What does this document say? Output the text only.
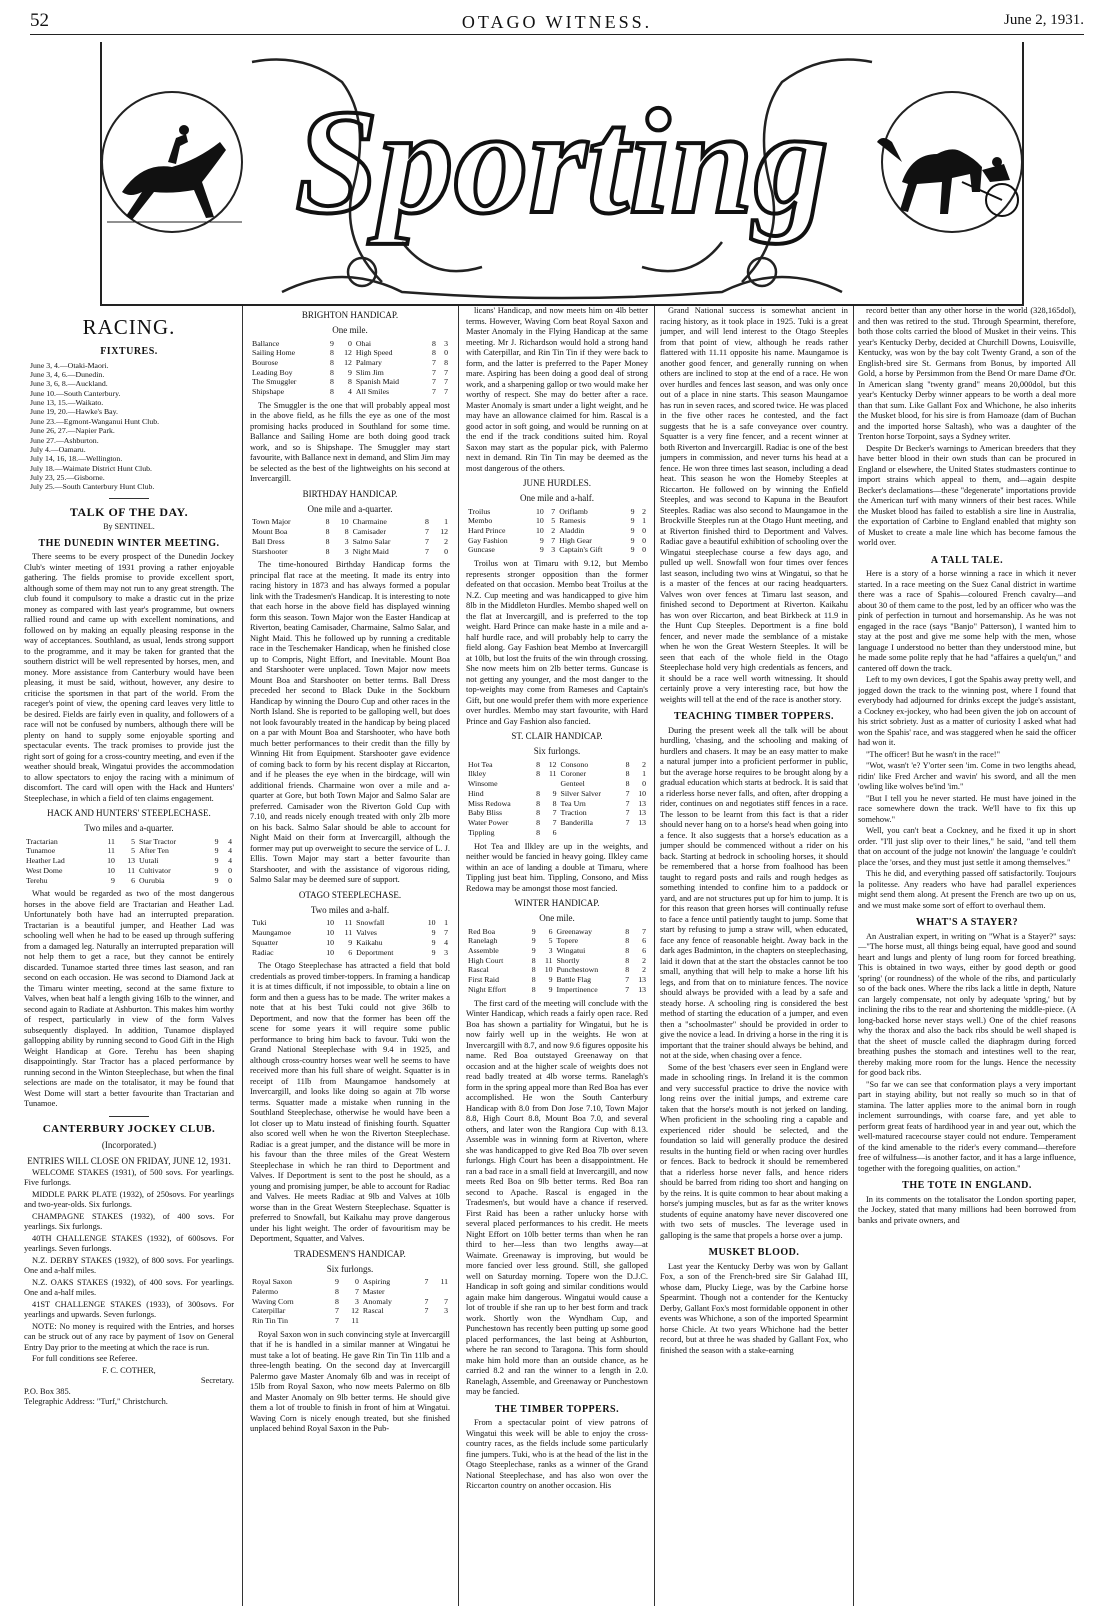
52	OTAGO WITNESS.	June 2, 1931.
Sporting
RACING.
FIXTURES.
June 3, 4.—Otaki-Maori.
June 3, 4, 6.—Dunedin.
June 3, 6, 8.—Auckland.
June 10.—South Canterbury.
June 13, 15.—Waikato.
June 19, 20.—Hawke's Bay.
June 23.—Egmont-Wanganui Hunt Club.
June 26, 27.—Napier Park.
June 27.—Ashburton.
July 4.—Oamaru.
July 14, 16, 18.—Wellington.
July 18.—Waimate District Hunt Club.
July 23, 25.—Gisborne.
July 25.—South Canterbury Hunt Club.
TALK OF THE DAY.
By SENTINEL.
THE DUNEDIN WINTER MEETING.

There seems to be every prospect of the Dunedin Jockey Club's winter meeting of 1931 proving a rather enjoyable gathering. The fields promise to provide excellent sport, although some of them may not run to any great strength. The club found it compulsory to make a drastic cut in the prize money as compared with last year's programme, but owners rallied round and came up with excellent nominations, and followed on by making an equally pleasing response in the way of acceptances. Southland, as usual, lends strong support to the programme, and it may be taken for granted that the southern district will be well represented by horses, men, and money. More assistance from Canterbury would have been pleasing, it must be said, without, however, any desire to criticise the sportsmen in that part of the world. From the raceger's point of view, the opening card leaves very little to be desired. Fields are fairly even in quality, and followers of a race will not be confused by numbers, although there will be plenty on hand to supply some enjoyable sporting and spectacular events. The track promises to provide just the right sort of going for a cross-country meeting, and even if the weather should break, Wingatui provides the accommodation to allow spectators to enjoy the racing with a minimum of discomfort. The card will open with the Hack and Hunters' Steeplechase, in which a field of ten claims engagement.

HACK AND HUNTERS' STEEPLECHASE.
Two miles and a-quarter.
Tractarian	11	5	Star Tractor	9	4
Tunamoe	11	5	After Ten	9	4
Heather Lad	10	13	Uutali	9	4
West Dome	10	11	Cultivator	9	0
Terehu	9	6	Ourubia	9	0

What would be regarded as two of the most dangerous horses in the above field are Tractarian and Heather Lad. Unfortunately both have had an interrupted preparation. Tractarian is a beautiful jumper, and Heather Lad was schooling well when he had to be eased up through suffering from a damaged leg. Naturally an interrupted preparation will not help them to get a race, but they cannot be entirely discarded. Tunamoe started three times last season, and ran second on each occasion. He was second to Diamond Jack at the Timaru winter meeting, second at the same fixture to Valves, when beat half a length giving 16lb to the winner, and second again to Radiate at Ashburton. This makes him worthy of respect, particularly in view of the form Valves subsequently displayed. In addition, Tunamoe displayed gallopping ability by running second to Good Gift in the High Weight Handicap at Gore. Terehu has been shaping disappointingly. Star Tractor has a placed performance by running second in the Winton Steeplechase, but when the final selections are made on the totalisator, it may be found that West Dome will start a better favourite than Tractarian and Tunamoe.

CANTERBURY JOCKEY CLUB.
(Incorporated.)
ENTRIES WILL CLOSE ON FRIDAY, JUNE 12, 1931.

WELCOME STAKES (1931), of 500 sovs. For yearlings. Five furlongs.

MIDDLE PARK PLATE (1932), of 250sovs. For yearlings and two-year-olds. Six furlongs.

CHAMPAGNE STAKES (1932), of 400 sovs. For yearlings. Six furlongs.

40TH CHALLENGE STAKES (1932), of 600sovs. For yearlings. Seven furlongs.

N.Z. DERBY STAKES (1932), of 800 sovs. For yearlings. One and a-half miles.

N.Z. OAKS STAKES (1932), of 400 sovs. For yearlings. One and a-half miles.

41ST CHALLENGE STAKES (1933), of 300sovs. For yearlings and upwards. Seven furlongs.

NOTE: No money is required with the Entries, and horses can be struck out of any race by payment of 1sov on General Entry Day prior to the meeting at which the race is run.

For full conditions see Referee.

F. C. COTHER,
Secretary.
P.O. Box 385.
Telegraphic Address: "Turf," Christchurch.
BRIGHTON HANDICAP.
One mile.
Ballance	9	0	Ohai	8	3
Sailing Home	8	12	High Speed	8	0
Bourose	8	12	Palmary	7	8
Leading Boy	8	9	Slim Jim	7	7
The Smuggler	8	8	Spanish Maid	7	7
Shipshape	8	4	All Smiles	7	7

The Smuggler is the one that will probably appeal most in the above field, as he fills the eye as one of the most promising hacks produced in Southland for some time. Ballance and Sailing Home are both doing good track work, and so is Shipshape. The Smuggler may start favourite, with Ballance next in demand, and Slim Jim may be selected as the best of the lightweights on his second at Invercargill.

BIRTHDAY HANDICAP.
One mile and a-quarter.
Town Major	8	10	Charmaine	8	1
Mount Boa	8	8	Camisader	7	12
Ball Dress	8	3	Salmo Salar	7	2
Starshooter	8	3	Night Maid	7	0

The time-honoured Birthday Handicap forms the principal flat race at the meeting. It made its entry into racing history in 1873 and has always formed a popular link with the Tradesmen's Handicap. It is interesting to note that each horse in the above field has displayed winning form this season. Town Major won the Easter Handicap at Riverton, beating Camisader, Charmaine, Salmo Salar, and Night Maid. This he followed up by running a creditable race in the Teschemaker Handicap, when he finished close up to Compris, Night Effort, and Inevitable. Mount Boa and Starshooter were unplaced. Town Major now meets Mount Boa and Starshooter on better terms. Ball Dress preceded her second to Black Duke in the Sockburn Handicap by winning the Douro Cup and other races in the North Island. She is reported to be galloping well, but does not look favourably treated in the handicap by being placed on a par with Mount Boa and Starshooter, who have both much better performances to their credit than the filly by Winning Hit from Equipment. Starshooter gave evidence of coming back to form by his recent display at Riccarton, and if he pleases the eye when in the birdcage, will win additional friends. Charmaine won over a mile and a-quarter at Gore, but both Town Major and Salmo Salar are preferred. Camisader won the Riverton Gold Cup with 7.10, and reads nicely enough treated with only 2lb more on his back. Salmo Salar should be able to account for Night Maid on their form at Invercargill, although the former may put up overweight to secure the service of L. J. Ellis. Town Major may start a better favourite than Starshooter, and with the assistance of vigorous riding, Salmo Salar may be deemed sure of support.

OTAGO STEEPLECHASE.
Two miles and a-half.
Tuki	10	11	Snowfall	10	1
Maungamoe	10	11	Valves	9	7
Squatter	10	9	Kaikahu	9	4
Radiac	10	6	Deportment	9	3

The Otago Steeplechase has attracted a field that bold credentials as proved timber-toppers. In framing a handicap it is at times difficult, if not impossible, to obtain a line on form and then a guess has to be made. The writer makes a note that at his best Tuki could not give 36lb to Deportment, and now that the former has been off the scene for some years it will require some public performance to bring him back to favour. Tuki won the Grand National Steeplechase with 9.4 in 1925, and although cross-country horses wear well he seems to have received more than his full share of weight. Squatter is in receipt of 11lb from Maungamoe handsomely at Invercargill, and looks like doing so again at 7lb worse terms. Squatter made a mistake when running in the Southland Steeplechase, otherwise he would have been a lot closer up to Matu instead of finishing fourth. Squatter also scored well when he won the Riverton Steeplechase. Radiac is a great jumper, and the distance will be more in his favour than the three miles of the Great Western Steeplechase in which he ran third to Deportment and Valves. If Deportment is sent to the post he should, as a young and promising jumper, be able to account for Radiac and Valves. He meets Radiac at 9lb and Valves at 10lb worse than in the Great Western Steeplechase. Squatter is preferred to Snowfall, but Kaikahu may prove dangerous under his light weight. The order of favouritism may be Deportment, Squatter, and Valves.

TRADESMEN'S HANDICAP.
Six furlongs.
Royal Saxon	9	0	Aspiring	7	11
Palermo	8	7	Master		
Waving Corn	8	3	Anomaly	7	7
Caterpillar	7	12	Rascal	7	3
Rin Tin Tin	7	11			

Royal Saxon won in such convincing style at Invercargill that if he is handled in a similar manner at Wingatui he must take a lot of beating. He gave Rin Tin Tin 11lb and a three-length beating. On the second day at Invercargill Palermo gave Master Anomaly 6lb and was in receipt of 15lb from Royal Saxon, who now meets Palermo on 8lb and Master Anomaly on 9lb better terms. He should give them a lot of trouble to finish in front of him at Wingatui. Waving Corn is nicely enough treated, but she finished unplaced behind Royal Saxon in the Pub-

licans' Handicap, and now meets him on 4lb better terms. However, Waving Corn beat Royal Saxon and Master Anomaly in the Flying Handicap at the same meeting. Mr J. Richardson would hold a strong hand with Caterpillar, and Rin Tin Tin if they were back to form, and the latter is preferred to the Paper Money mare. Aspiring has been doing a good deal of strong work, and a sharpening gallop or two would make her worthy of respect. She may do better after a race. Master Anomaly is smart under a light weight, and he may have an allowance claimed for him. Rascal is a good actor in soft going, and would be running on at the end if the track conditions suited him. Royal Saxon may start as the popular pick, with Palermo next in demand. Rin Tin Tin may be deemed as the most dangerous of the others.

JUNE HURDLES.
One mile and a-half.
Troilus	10	7	Oriflamb	9	2
Membo	10	5	Ramesis	9	1
Hard Prince	10	2	Aladdin	9	0
Gay Fashion	9	7	High Gear	9	0
Guncase	9	3	Captain's Gift	9	0

Troilus won at Timaru with 9.12, but Membo represents stronger opposition than the former defeated on that occasion. Membo beat Troilus at the N.Z. Cup meeting and was handicapped to give him 8lb in the Middleton Hurdles. Membo shaped well on the flat at Invercargill, and is preferred to the top weight. Hard Prince can make haste in a mile and a-half hurdle race, and will probably help to carry the field along. Gay Fashion beat Membo at Invercargill at 10lb, but lost the fruits of the win through crossing. She now meets him on 2lb better terms. Guncase is not getting any younger, and the most danger to the top-weights may come from Rameses and Captain's Gift, but one would prefer them with more experience over hurdles. Membo may start favourite, with Hard Prince and Gay Fashion also fancied.

ST. CLAIR HANDICAP.
Six furlongs.
Hot Tea	8	12	Consono	8	2
Ilkley	8	11	Coroner	8	1
Winsome			Genteel	8	0
Hind	8	9	Silver Salver	7	10
Miss Redowa	8	8	Tea Urn	7	13
Baby Bliss	8	7	Traction	7	13
Water Power	8	7	Banderilla	7	13
Tippling	8	6			

Hot Tea and Ilkley are up in the weights, and neither would be fancied in heavy going. Ilkley came within an ace of landing a double at Timaru, where Tippling just beat him. Tippling, Consono, and Miss Redowa may be amongst those most fancied.

WINTER HANDICAP.
One mile.
Red Boa	9	6	Greenaway	8	7
Ranelagh	9	5	Topere	8	6
Assemble	9	3	Wingatui	8	6
High Court	8	11	Shortly	8	2
Rascal	8	10	Punchestown	8	2
First Raid	8	9	Battle Flag	7	13
Night Effort	8	9	Impertinence	7	13

The first card of the meeting will conclude with the Winter Handicap, which reads a fairly open race. Red Boa has shown a partiality for Wingatui, but he is now fairly well up in the weights. He won at Invercargill with 8.7, and now 9.6 figures opposite his name. Red Boa outstayed Greenaway on that occasion and at the higher scale of weights does not read badly treated at 4lb worse terms. Ranelagh's form in the spring appeal more than Red Boa has ever accomplished. He won the South Canterbury Handicap with 8.0 from Don Jose 7.10, Town Major 8.8, High Court 8.8, Mount Boa 7.0, and several others, and later won the Rangiora Cup with 8.13. Assemble was in winning form at Riverton, where she was handicapped to give Red Boa 7lb over seven furlongs. High Court has been a disappointment. He ran a bad race in a small field at Invercargill, and now meets Red Boa on 9lb better terms. Red Boa ran second to Apache. Rascal is engaged in the Tradesmen's, but would have a chance if reserved. First Raid has been a rather unlucky horse with several placed performances to his credit. He meets Night Effort on 10lb better terms than when he ran third to her—less than two lengths away—at Waimate. Greenaway is improving, but would be more fancied over less ground. Still, she galloped well on Saturday morning. Topere won the D.J.C. Handicap in soft going and similar conditions would again make him dangerous. Wingatui would cause a lot of trouble if she ran up to her best form and track work. Shortly won the Wyndham Cup, and Punchestown has recently been putting up some good placed performances, the last being at Ashburton, where he ran second to Taragona. This form should make him hold more than an outside chance, as he carried 8.2 and ran the winner to a length in 2.0. Ranelagh, Assemble, and Greenaway or Punchestown may be fancied.

THE TIMBER TOPPERS.

From a spectacular point of view patrons of Wingatui this week will be able to enjoy the cross-country races, as the fields include some particularly fine jumpers. Tuki, who is at the head of the list in the Otago Steeplechase, ranks as a winner of the Grand National Steeplechase, and has also won over the Riccarton country on another occasion. His

Grand National success is somewhat ancient in racing history, as it took place in 1925. Tuki is a great jumper, and will lend interest to the Otago Steeples from that point of view, although he reads rather flattered with 11.11 opposite his name. Maungamoe is another good fencer, and generally running on when others are inclined to stop at the end of a race. He won over hurdles and fences last season, and was only once out of a place in nine starts. This season Maungamoe has run in seven races, and scored twice. He was placed in the five other races he contested, and the fact suggests that he is a safe conveyance over country. Squatter is a very fine fencer, and a recent winner at both Riverton and Invercargill. Radiac is one of the best jumpers in commission, and never turns his head at a fence. He won three times last season, including a dead heat. This season he won the Homeby Steeples at Riccarton. He followed on by winning the Enfield Steeples, and was second to Kapuna in the Beaufort Steeples. Radiac was also second to Maungamoe in the Brockville Steeples run at the Otago Hunt meeting, and at Riverton finished third to Deportment and Valves. Radiac gave a beautiful exhibition of schooling over the Wingatui steeplechase course a few days ago, and pulled up well. Snowfall won four times over fences last season, including two wins at Wingatui, so that he is a master of the fences at our racing headquarters. Valves won over fences at Timaru last season, and finished second to Deportment at Riverton. Kaikahu has won over Riccarton, and beat Birkbeck at 11.9 in the Hunt Cup Steeples. Deportment is a fine bold fencer, and never made the semblance of a mistake when he won the Great Western Steeples. It will be seen that each of the whole field in the Otago Steeplechase hold very high credentials as fencers, and it should be a race well worth witnessing. It should certainly prove a very interesting race, but how the weights will tell at the end of the race is another story.

TEACHING TIMBER TOPPERS.

During the present week all the talk will be about hurdling, 'chasing, and the schooling and making of hurdlers and chasers. It may be an easy matter to make a natural jumper into a proficient performer in public, but the average horse requires to be brought along by a gradual education which starts at bedrock. It is said that a riderless horse never falls, and often, after dropping a rider, continues on and negotiates stiff fences in a race. The lesson to be learnt from this fact is that a rider should never hang on to a horse's head when going into a fence. It also suggests that a horse's education as a jumper should be commenced without a rider on his back. Starting at bedrock in schooling horses, it should be remembered that a horse from foalhood has been taught to regard posts and rails and rough hedges as something intended to confine him to a paddock or yard, and are not structures put up for him to jump. It is for this reason that green horses will continually refuse to face a fence until patiently taught to jump. Some that start by refusing to jump a straw will, when educated, face any fence of reasonable height. Away back in the dark ages Badminton, in the chapters on steeplechasing, laid it down that at the start the obstacles cannot be too small, anything that will help to make a horse lift his legs, and from that on to miniature fences. The novice should always be provided with a lead by a safe and steady horse. A schooling ring is considered the best method of starting the education of a jumper, and even then a "schoolmaster" should be provided in order to give the novice a lead. In driving a horse in the ring it is important that the trainer should always be behind, and not at the side, when chasing over a fence.

Some of the best 'chasers ever seen in England were made in schooling rings. In Ireland it is the common and very successful practice to drive the novice with long reins over the initial jumps, and extreme care taken that the horse's mouth is not jerked on landing. When proficient in the schooling ring a capable and experienced rider should be selected, and the foundation so laid will generally produce the desired results in the hunting field or when racing over hurdles or fences. Back to bedrock it should be remembered that a riderless horse never falls, and hence riders should be barred from riding too short and hanging on by the reins. It is quite common to hear about making a horse's jumping muscles, but as far as the writer knows students of equine anatomy have never discovered one with two sets of muscles. The leverage used in galloping is the same that propels a horse over a jump.

MUSKET BLOOD.

Last year the Kentucky Derby was won by Gallant Fox, a son of the French-bred sire Sir Galahad III, whose dam, Plucky Liege, was by the Carbine horse Spearmint. Though not a contender for the Kentucky Derby, Gallant Fox's most formidable opponent in other events was Whichone, a son of the imported Spearmint horse Chicle. At two years Whichone had the better record, but at three he was shaded by Gallant Fox, who finished the season with a stake-earning

record better than any other horse in the world (328,165dol), and then was retired to the stud. Through Spearmint, therefore, both those colts carried the blood of Musket in their veins. This year's Kentucky Derby, decided at Churchill Downs, Louisville, Kentucky, was won by the bay colt Twenty Grand, a son of the English-bred sire St. Germans from Bonus, by imported All Gold, a horse by Persimmon from the Bend Or mare Dame d'Or. In American slang "twenty grand" means 20,000dol, but this year's Kentucky Derby winner appears to be worth a deal more than that sum. Like Gallant Fox and Whichone, he also inherits the Musket blood, for his sire is from Hamoaze (dam of Buchan and the imported horse Saltash), who was a daughter of the Trenton horse Torpoint, says a Sydney writer.

Despite Dr Becker's warnings to American breeders that they have better blood in their own studs than can be procured in England or elsewhere, the United States studmasters continue to import strains which appeal to them, and—again despite Becker's declamations—these "degenerate" importations provide the American turf with many winners of their best races. While the Musket blood has failed to establish a sire line in Australia, the exportation of Carbine to England enabled that mighty son of Musket to create a male line which has become famous the world over.

A TALL TALE.

Here is a story of a horse winning a race in which it never started. In a race meeting on the Suez Canal district in wartime there was a race of Spahis—coloured French cavalry—and about 30 of them came to the post, led by an officer who was the pink of perfection in turnout and horsemanship. As he was not engaged in the race (says "Banjo" Patterson), I wanted him to stay at the post and give me some help with the men, whose language I understood no better than they understood mine, but he made some polite reply that he had "affaires a quelq'un," and cantered off down the track.

Left to my own devices, I got the Spahis away pretty well, and jogged down the track to the winning post, where I found that everybody had adjourned for drinks except the judge's assistant, a Cockney ex-jockey, who had been given the job on account of his strict sobriety. Just as a matter of curiosity I asked what had won the Spahis' race, and was staggered when he said the officer had won it.

"The officer! But he wasn't in the race!"

"Wot, wasn't 'e? Y'orter seen 'im. Come in two lengths ahead, ridin' like Fred Archer and wavin' his sword, and all the men 'owling like wolves be'ind 'im."

"But I tell you he never started. He must have joined in the race somewhere down the track. We'll have to fix this up somehow."

Well, you can't beat a Cockney, and he fixed it up in short order. "I'll just slip over to their lines," he said, "and tell them that on account of the judge not knowin' the language 'e couldn't place the 'orses, and they must just settle it among themselves."

This he did, and everything passed off satisfactorily. Toujours la politesse. Any readers who have had parallel experiences might send them along. At present the French are two up on us, and we must make some sort of effort to overhaul them.

WHAT'S A STAYER?

An Australian expert, in writing on "What is a Stayer?" says:—"The horse must, all things being equal, have good and sound heart and lungs and plenty of lung room for forced breathing. This is obtained in two ways, either by good depth or good 'spring' (or roundness) of the whole of the ribs, and particularly so of the back ones. Where the ribs lack a little in depth, Nature can largely compensate, not only by adequate 'spring,' but by inclining the ribs to the rear and shortening the middle-piece. (A long-backed horse never stays well.) One of the chief reasons why the thorax and also the back ribs should be well shaped is that the sheet of muscle called the diaphragm during forced breathing pushes the stomach and intestines well to the rear, thereby making more room for the lungs. Hence the necessity for good back ribs.

"So far we can see that conformation plays a very important part in staying ability, but not really so much so in that of stamina. The latter applies more to the animal born in rough inclement surroundings, with coarse fare, and yet able to perform great feats of hardihood year in and year out, which the well-matured racecourse stayer could not endure. Temperament of the kind amenable to the rider's every command—therefore free of wilfulness—is another factor, and it has a large influence, together with the foregoing qualities, on action."

THE TOTE IN ENGLAND.

In its comments on the totalisator the London sporting paper, the Jockey, stated that many millions had been borrowed from banks and private owners, and
